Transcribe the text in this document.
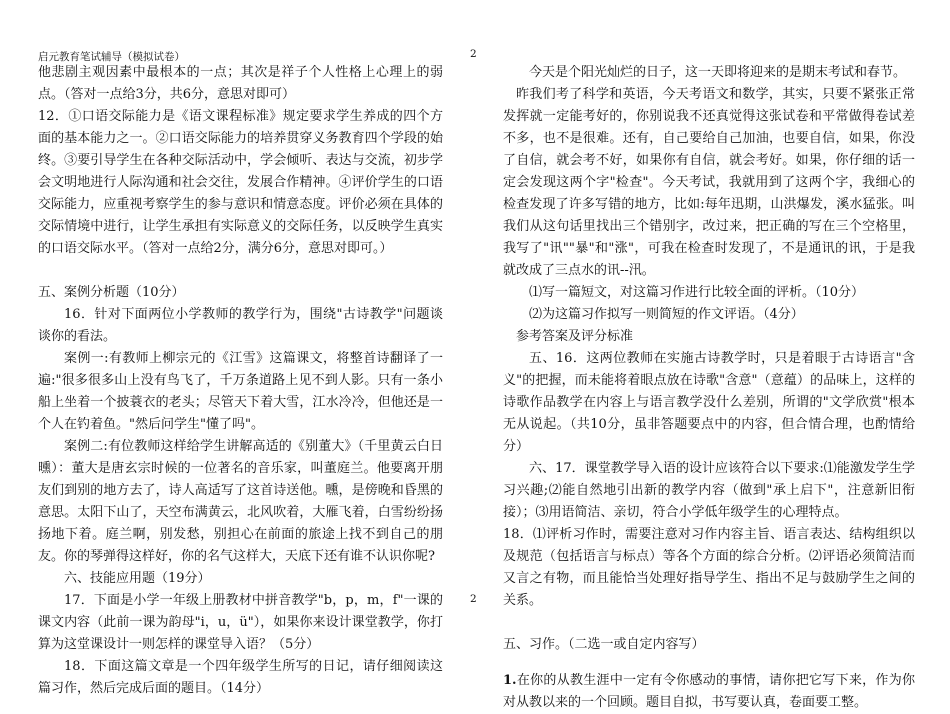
启元教育笔试辅导（模拟试卷）	2
2

他悲剧主观因素中最根本的一点；其次是祥子个人性格上心理上的弱点。（答对一点给3分，共6分，意思对即可）

12．①口语交际能力是《语文课程标准》规定要求学生养成的四个方面的基本能力之一。②口语交际能力的培养贯穿义务教育四个学段的始终。③要引导学生在各种交际活动中，学会倾听、表达与交流，初步学会文明地进行人际沟通和社会交往，发展合作精神。④评价学生的口语交际能力，应重视考察学生的参与意识和情意态度。评价必须在具体的交际情境中进行，让学生承担有实际意义的交际任务，以反映学生真实的口语交际水平。（答对一点给2分，满分6分，意思对即可。）

五、案例分析题（10分）

16．针对下面两位小学教师的教学行为，围绕"古诗教学"问题谈谈你的看法。

案例一:有教师上柳宗元的《江雪》这篇课文，将整首诗翻译了一遍:"很多很多山上没有鸟飞了，千万条道路上见不到人影。只有一条小船上坐着一个披蓑衣的老头；尽管天下着大雪，江水冷冷，但他还是一个人在钓着鱼。"然后问学生"懂了吗"。

案例二:有位教师这样给学生讲解高适的《别董大》（千里黄云白日曛）：董大是唐玄宗时候的一位著名的音乐家，叫董庭兰。他要离开朋友们到别的地方去了，诗人高适写了这首诗送他。曛，是傍晚和昏黑的意思。太阳下山了，天空布满黄云，北风吹着，大雁飞着，白雪纷纷扬扬地下着。庭兰啊，别发愁，别担心在前面的旅途上找不到自己的朋友。你的琴弹得这样好，你的名气这样大，天底下还有谁不认识你呢?

六、技能应用题（19分）

17．下面是小学一年级上册教材中拼音教学"b，p，m，f"一课的课文内容（此前一课为韵母"i，u，ü"），如果你来设计课堂教学，你打算为这堂课设计一则怎样的课堂导入语？（5分）

18．下面这篇文章是一个四年级学生所写的日记，请仔细阅读这篇习作，然后完成后面的题目。（14分）

今天是个阳光灿烂的日子，这一天即将迎来的是期末考试和春节。

昨我们考了科学和英语，今天考语文和数学，其实，只要不紧张正常发挥就一定能考好的，你别说我不还真觉得这张试卷和平常做得卷试差不多，也不是很难。还有，自己要给自己加油，也要自信，如果，你没了自信，就会考不好，如果你有自信，就会考好。如果，你仔细的话一定会发现这两个字"检查"。今天考试，我就用到了这两个字，我细心的检查发现了许多写错的地方，比如:每年迅期，山洪爆发，溪水猛张。叫我们从这句话里找出三个错别字，改过来，把正确的写在三个空格里，我写了"讯""暴"和"涨"，可我在检查时发现了，不是通讯的讯，于是我就改成了三点水的讯--汛。

⑴写一篇短文，对这篇习作进行比较全面的评析。（10分）

⑵为这篇习作拟写一则简短的作文评语。（4分）

参考答案及评分标准

五、16．这两位教师在实施古诗教学时，只是着眼于古诗语言"含义"的把握，而未能将着眼点放在诗歌"含意"（意蕴）的品味上，这样的诗歌作品教学在内容上与语言教学没什么差别，所谓的"文学欣赏"根本无从说起。（共10分，虽非答题要点中的内容，但合情合理，也酌情给分）

六、17．课堂教学导入语的设计应该符合以下要求:⑴能激发学生学习兴趣;⑵能自然地引出新的教学内容（做到"承上启下"，注意新旧衔接）；⑶用语简洁、亲切，符合小学低年级学生的心理特点。

18．⑴评析习作时，需要注意对习作内容主旨、语言表达、结构组织以及规范（包括语言与标点）等各个方面的综合分析。⑵评语必须简洁而又言之有物，而且能恰当处理好指导学生、指出不足与鼓励学生之间的关系。

五、习作。（二选一或自定内容写）

1.在你的从教生涯中一定有令你感动的事情，请你把它写下来，作为你对从教以来的一个回顾。题目自拟，书写要认真，卷面要工整。
